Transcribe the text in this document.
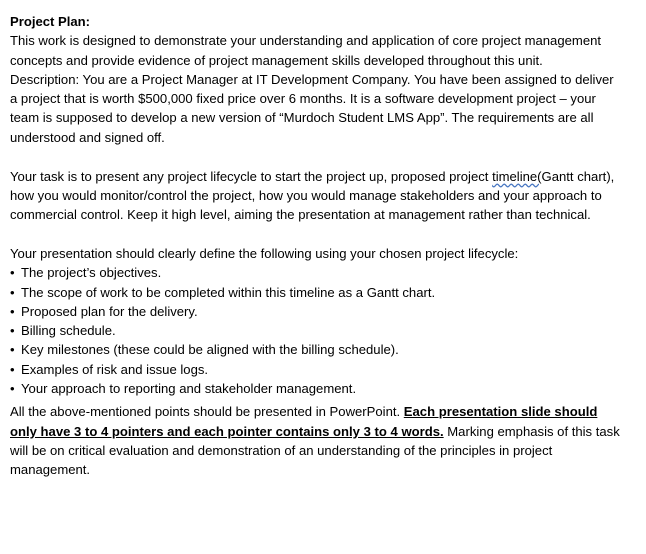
Project Plan:

This work is designed to demonstrate your understanding and application of core project management concepts and provide evidence of project management skills developed throughout this unit.

Description: You are a Project Manager at IT Development Company. You have been assigned to deliver a project that is worth $500,000 fixed price over 6 months. It is a software development project – your team is supposed to develop a new version of “Murdoch Student LMS App”. The requirements are all understood and signed off.

Your task is to present any project lifecycle to start the project up, proposed project timeline(Gantt chart), how you would monitor/control the project, how you would manage stakeholders and your approach to commercial control. Keep it high level, aiming the presentation at management rather than technical.

Your presentation should clearly define the following using your chosen project lifecycle:

• The project’s objectives.
• The scope of work to be completed within this timeline as a Gantt chart.
• Proposed plan for the delivery.
• Billing schedule.
• Key milestones (these could be aligned with the billing schedule).
• Examples of risk and issue logs.
• Your approach to reporting and stakeholder management.

All the above-mentioned points should be presented in PowerPoint. Each presentation slide should only have 3 to 4 pointers and each pointer contains only 3 to 4 words. Marking emphasis of this task will be on critical evaluation and demonstration of an understanding of the principles in project management.
